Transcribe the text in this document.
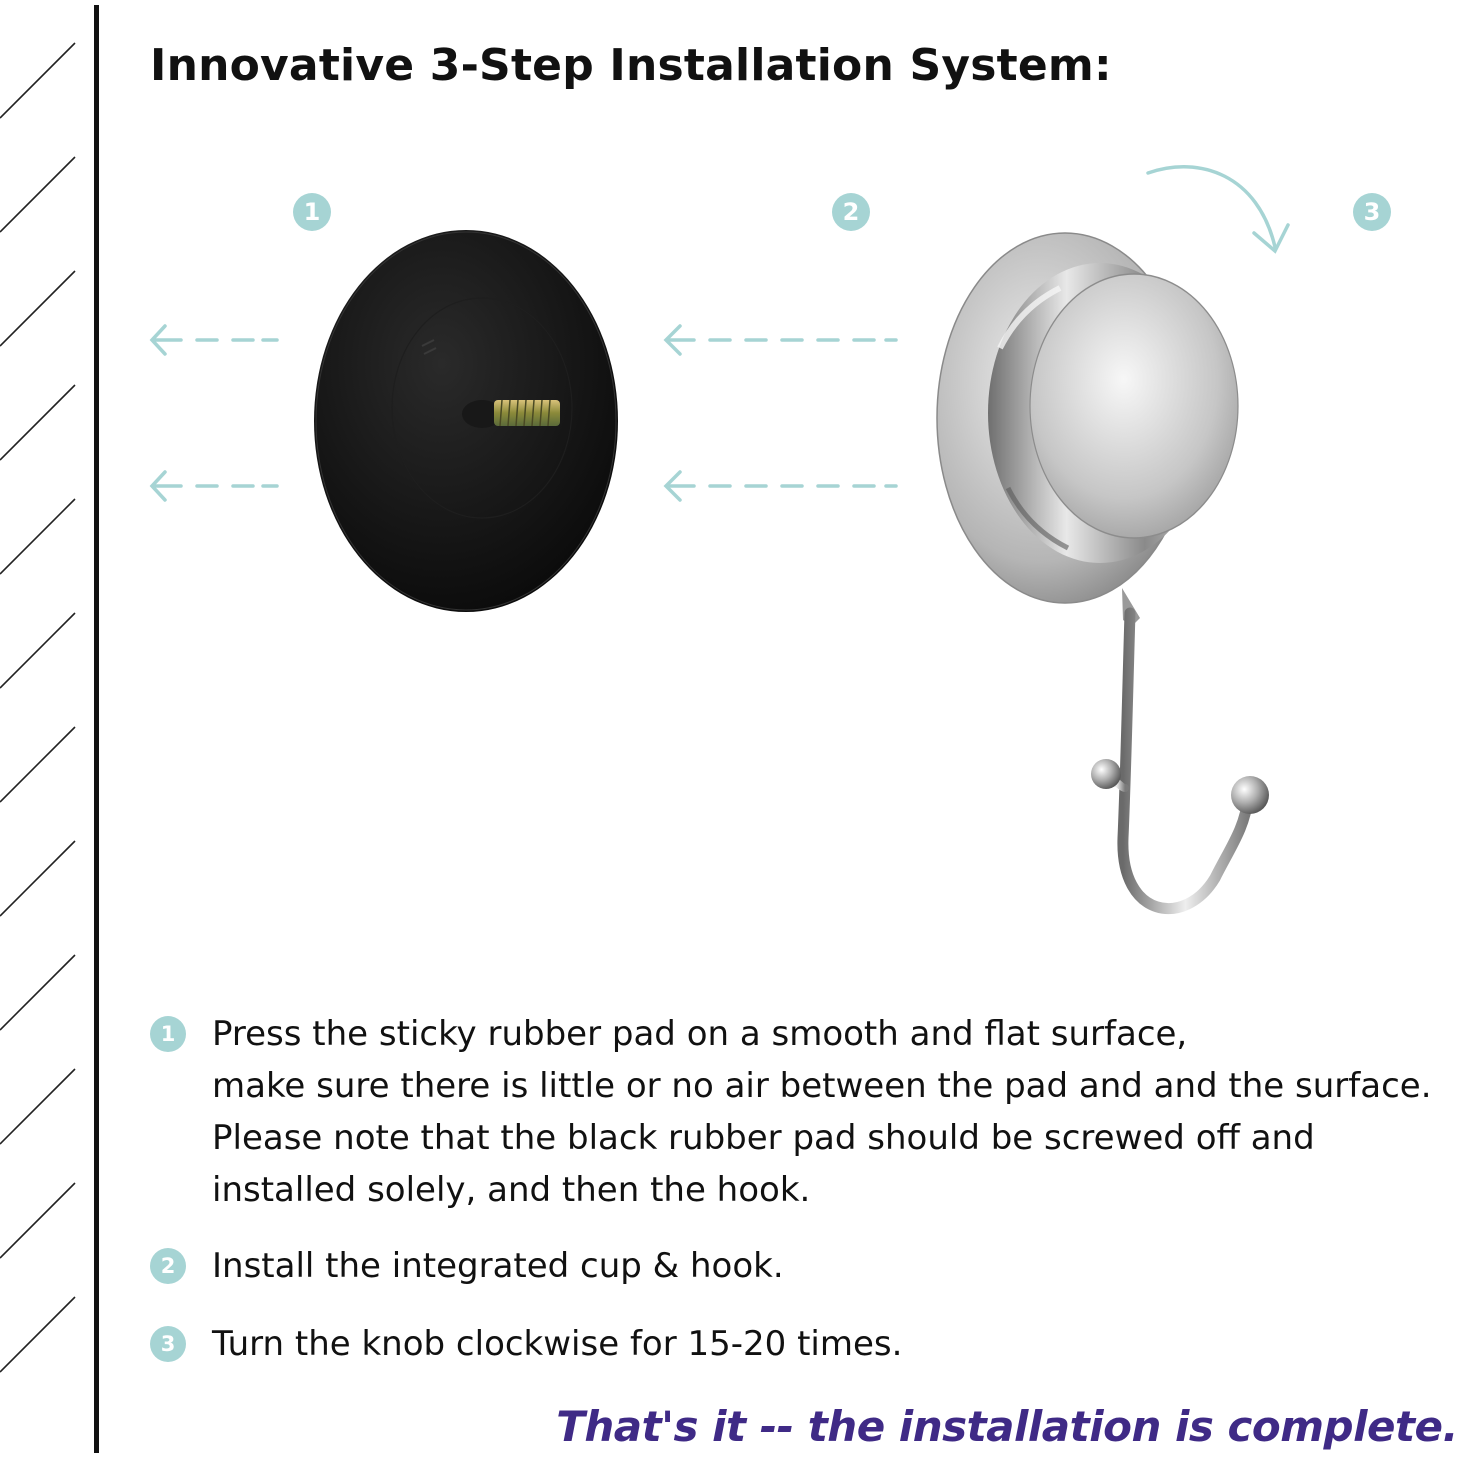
Innovative 3-Step Installation System:
1	2	3
1	Press the sticky rubber pad on a smooth and flat surface,
make sure there is little or no air between the pad and and the surface.
Please note that the black rubber pad should be screwed off and
installed solely, and then the hook.
2	Install the integrated cup & hook.
3	Turn the knob clockwise for 15-20 times.
That's it -- the installation is complete.
